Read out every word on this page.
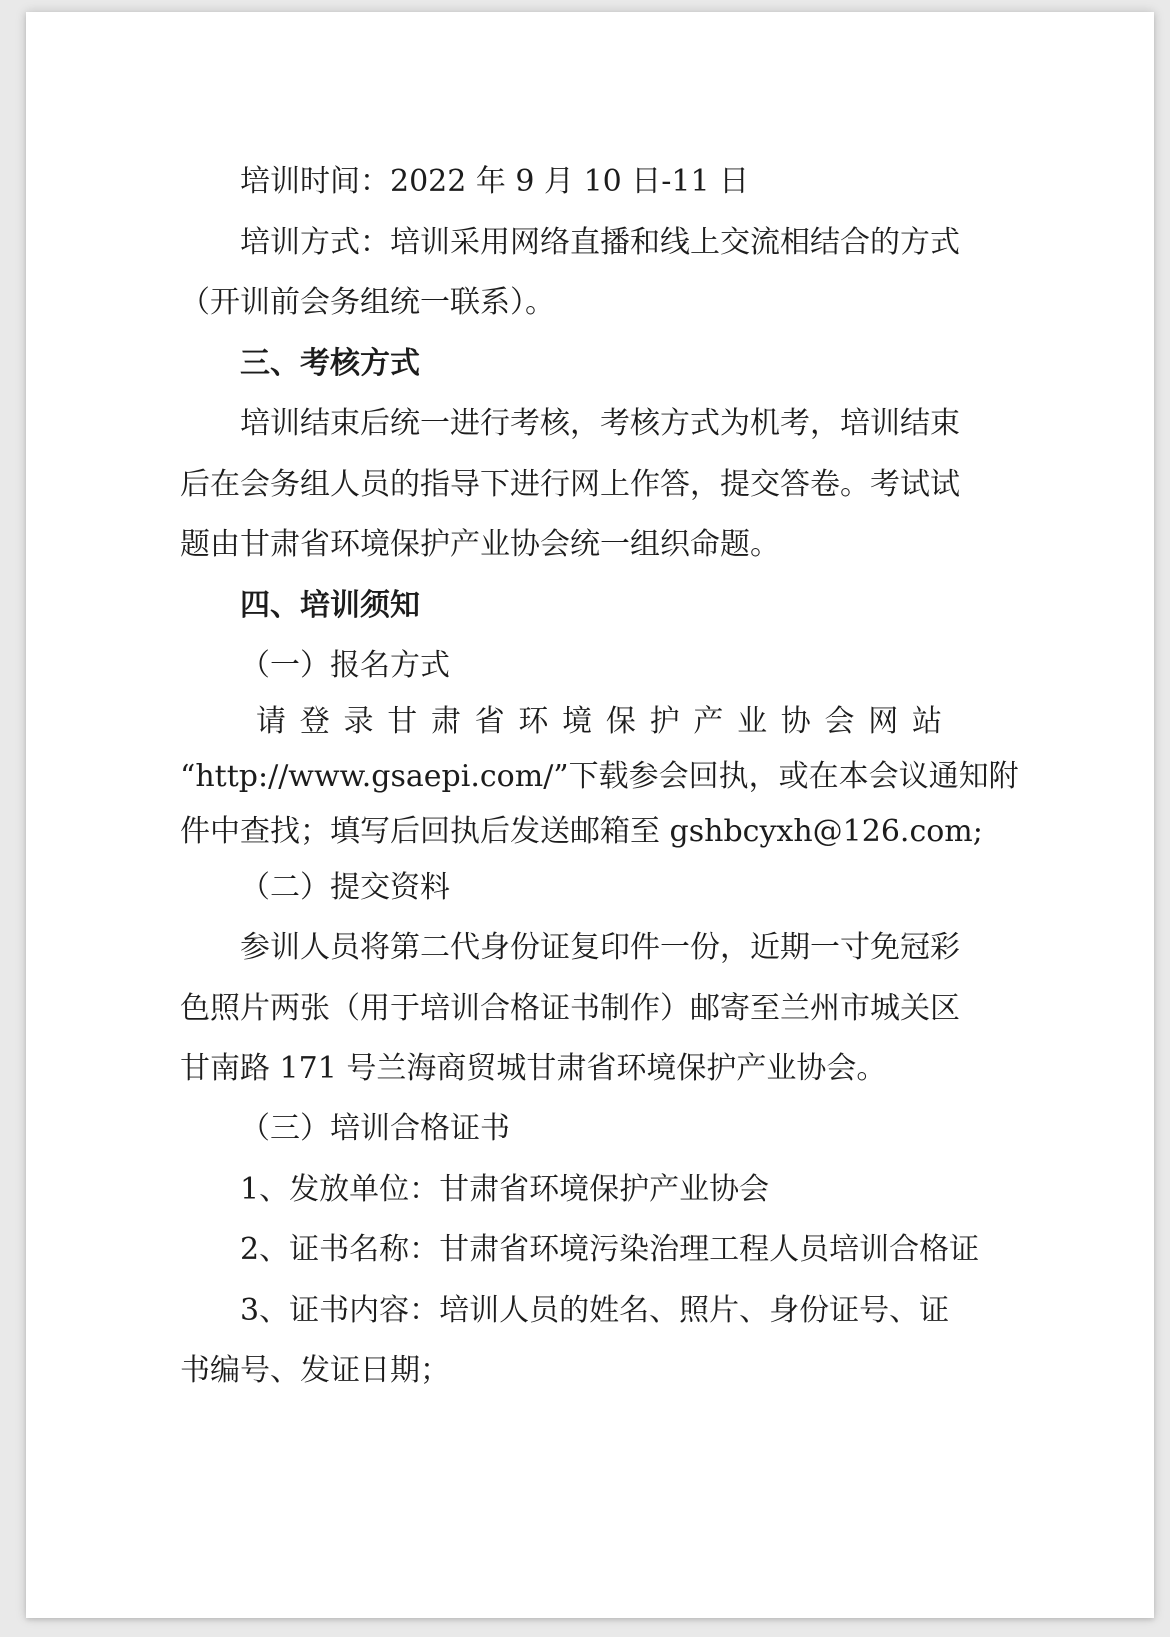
培训时间：2022 年 9 月 10 日-11 日
培训方式：培训采用网络直播和线上交流相结合的方式
（开训前会务组统一联系）。
三、考核方式
培训结束后统一进行考核，考核方式为机考，培训结束
后在会务组人员的指导下进行网上作答，提交答卷。考试试
题由甘肃省环境保护产业协会统一组织命题。
四、培训须知
（一）报名方式
请登录甘肃省环境保护产业协会网站
“http://www.gsaepi.com/”下载参会回执，或在本会议通知附
件中查找；填写后回执后发送邮箱至 gshbcyxh@126.com;
（二）提交资料
参训人员将第二代身份证复印件一份，近期一寸免冠彩
色照片两张（用于培训合格证书制作）邮寄至兰州市城关区
甘南路 171 号兰海商贸城甘肃省环境保护产业协会。
（三）培训合格证书
1、发放单位：甘肃省环境保护产业协会
2、证书名称：甘肃省环境污染治理工程人员培训合格证
3、证书内容：培训人员的姓名、照片、身份证号、证
书编号、发证日期；
